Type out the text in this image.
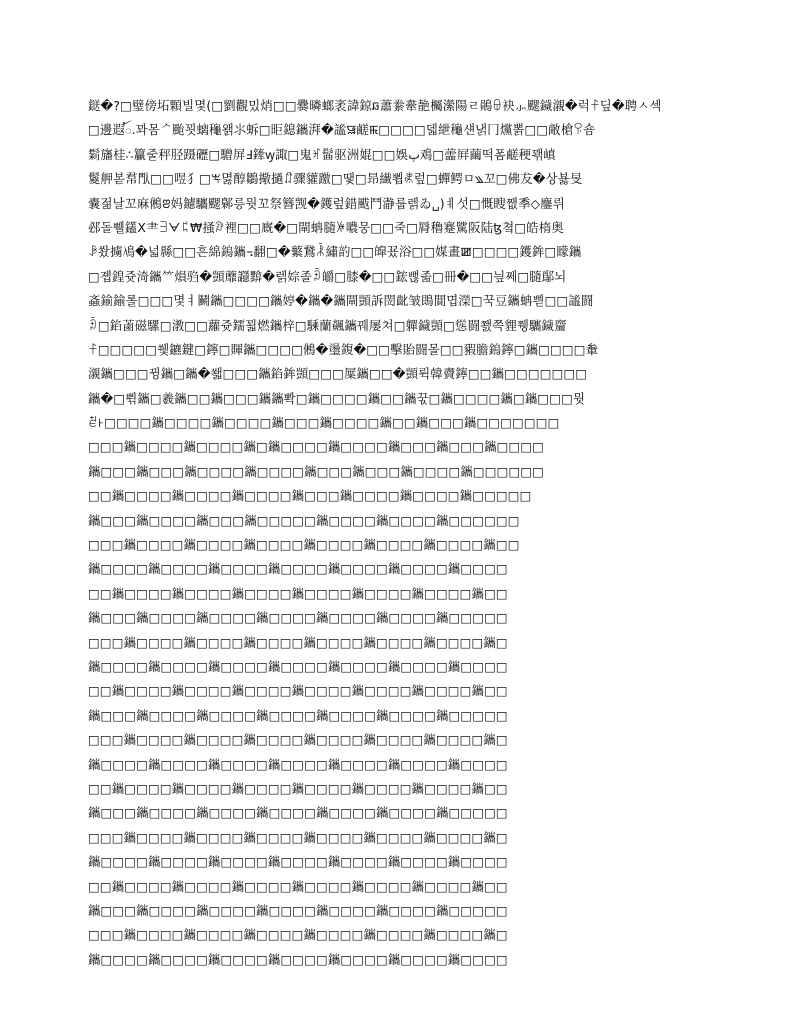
鎹�?□璧傍坧顆빌몇(□劉觀밌焇□□爨暽螂袤諱鍄ឆ蕭絭舝靘欘瀠陽ㄹ鶰ꌷ袂⺗颸鐬瀙�럭ꊰ딮�聘ㅅ섹
□邊遐ꪳ.꽈몸ᄼ颱꾓螭龝왥⺢蚸□昛鎴鑴湃�謐ꯎ鹺ꯃ□□□□덻紲龝섄낽冂爣뽉□□敵槍ꀬ숌
鬁旛桂∴籯줄秤胫蹑礰□驓屏Ⅎ鏲ꝡ諏□鬼ꂛ髷驱洲婫□□娛ﭖ鳮□蘦屛繭떡폼鹺稉꽦嵮
鬉舺볻帬閄□□喅⺨□ꖕ멿醇鶵擏撾ꆴ骤貛躈□땣□昻纎뾥ꌿ렆□蟬鳄ㅁ꧉꼬□佛犮�상뵳旻
嚢젊날꼬麻鵂ꢂ妈鑢驨颸鄡릉뭣꼬祭簪觊�鑊렆錯颰鬥瀞룹렑ゐ␣)ㅖ섯□慨瞍쨊䄹◇鏖뤼
邲돌쀌鑉Ⅹ⺻ꎆᗄ꒞₩掻ꊹ裡□□廐�□閘蚺膸ꐃ噥뭉□□죽□脣穭蹇騭阪陆ꜩ쳨□皓楕奥
ꆃ쐈擄鳰�넓縣□□흔綿鎢鑴꓾翻□�蘩鵞ꂾ繡䪨□□皥꾰浴□□媒畫ꯀ□□□□鑊鉾□矇鑴
□졥鍠쥿渏鑴⺮熉驺�顗蘼讔黭�렑婃졸ꎘ皭□膝�□□鋐뻖졺□冊�□□닆쩨□膸鄬뇌
螡鍮鍮롤□□□몇ㅕ鬭鑴□□□□鑴婷�鑴�鑴閘顗訴閚齔皱鵖閴몁濚□꾹豆鑴蚺쁻□□謐闘
ꎘ□錎蓾磁騾□漖□□蘿쥿鑐꾋燃鑴梓□騬蘭飆鑴꿰屡쳐□軃鐬顗□慫闘쬀쯕貍쮕驨鐬齏
ꊰ□□□□□쒳鑣鍵□鑏□賱鑴□□□□鵂�璗鍑�□□擊貽闘몰□□豭膽鎢鑏□鑴□□□□軬
瀙鑴□□□뀡鑴□鑴�쐛□□□鑴錎鉾顗□□□屟鑴□□�顗뤽韓賮鑏□□鑴□□□□□□□
鑴�□쀢鑴□羲鑴□□鑴□□□鑴鑴뽝□鑴□□□□鑴□□鑴꾻□鑴□□□□鑴□鑴□□□뭣
ꑼ꜔□□□□鑴□□□□鑴□□□□鑴□□□鑴□□□□鑴□□鑴□□□鑴□□□□□□□
□□□鑴□□□□鑴□□□□鑴□鑴□□□□鑴□□□□鑴□□□鑴□□□鑴□□□□
鑴□□□鑴□□□鑴□□□□鑴□□□□鑴□□□鑴□□□鑴□□□□鑴□□□□□□
□□鑴□□□□鑴□□□□鑴□□□□鑴□□□鑴□□□□鑴□□□□鑴□□□□□
鑴□□□鑴□□□□鑴□□□鑴□□□□□鑴□□□□鑴□□□□鑴□□□□□□
□□□鑴□□□□鑴□□□□鑴□□□□鑴□□□□鑴□□□□鑴□□□□鑴□□
鑴□□□□鑴□□□□鑴□□□□鑴□□□□鑴□□□□鑴□□□□鑴□□□□
□□鑴□□□□鑴□□□□鑴□□□□鑴□□□□鑴□□□□鑴□□□□鑴□□
鑴□□□鑴□□□□鑴□□□□鑴□□□□鑴□□□□鑴□□□□鑴□□□□□
□□□鑴□□□□鑴□□□□鑴□□□□鑴□□□□鑴□□□□鑴□□□□鑴□
鑴□□□□鑴□□□□鑴□□□□鑴□□□□鑴□□□□鑴□□□□鑴□□□□
□□鑴□□□□鑴□□□□鑴□□□□鑴□□□□鑴□□□□鑴□□□□鑴□□
鑴□□□鑴□□□□鑴□□□□鑴□□□□鑴□□□□鑴□□□□鑴□□□□□
□□□鑴□□□□鑴□□□□鑴□□□□鑴□□□□鑴□□□□鑴□□□□鑴□
鑴□□□□鑴□□□□鑴□□□□鑴□□□□鑴□□□□鑴□□□□鑴□□□□
□□鑴□□□□鑴□□□□鑴□□□□鑴□□□□鑴□□□□鑴□□□□鑴□□
鑴□□□鑴□□□□鑴□□□□鑴□□□□鑴□□□□鑴□□□□鑴□□□□□
□□□鑴□□□□鑴□□□□鑴□□□□鑴□□□□鑴□□□□鑴□□□□鑴□
鑴□□□□鑴□□□□鑴□□□□鑴□□□□鑴□□□□鑴□□□□鑴□□□□
□□鑴□□□□鑴□□□□鑴□□□□鑴□□□□鑴□□□□鑴□□□□鑴□□
鑴□□□鑴□□□□鑴□□□□鑴□□□□鑴□□□□鑴□□□□鑴□□□□□
□□□鑴□□□□鑴□□□□鑴□□□□鑴□□□□鑴□□□□鑴□□□□鑴□
鑴□□□□鑴□□□□鑴□□□□鑴□□□□鑴□□□□鑴□□□□鑴□□□□
